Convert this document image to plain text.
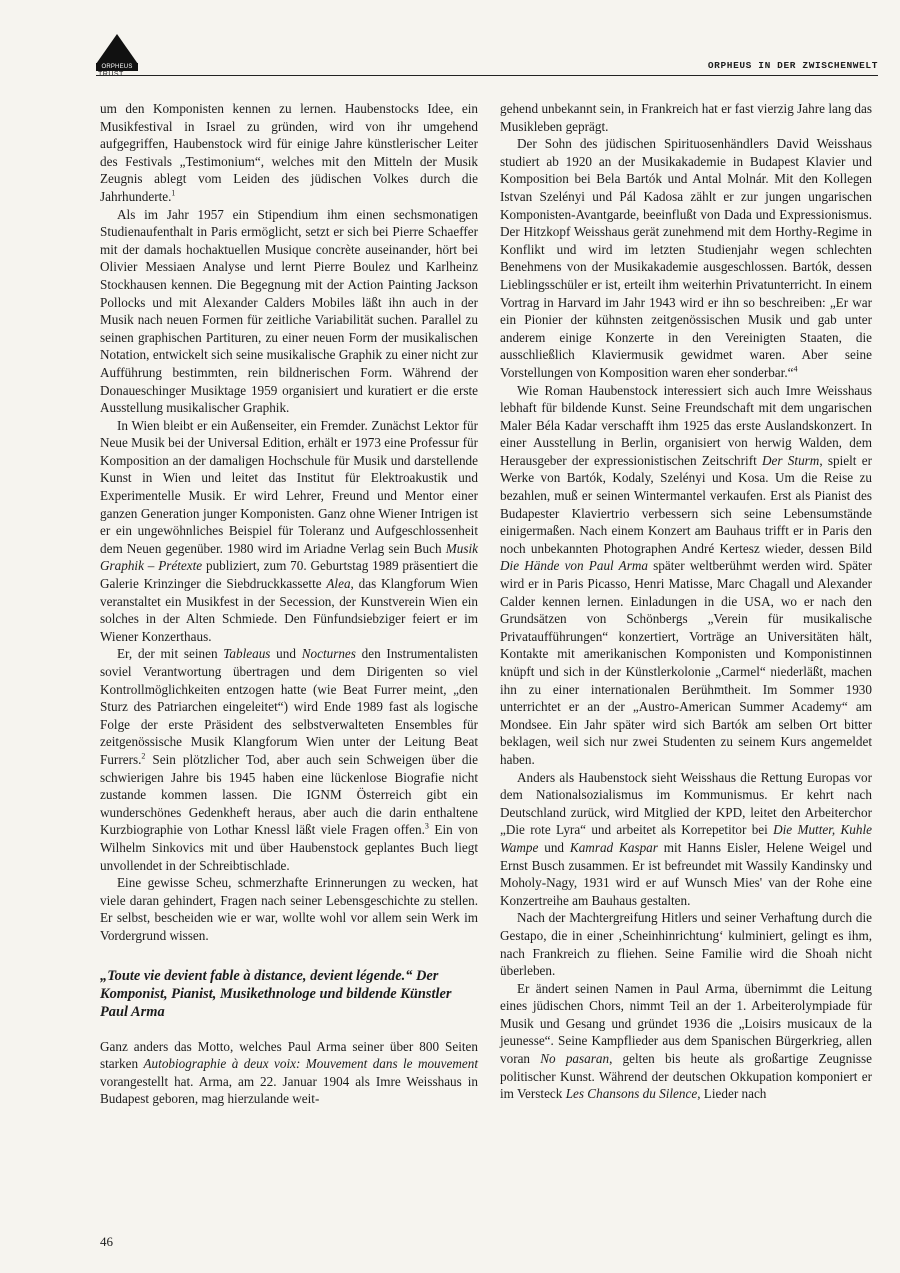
ORPHEUS	ORPHEUS IN DER ZWISCHENWELT

um den Komponisten kennen zu lernen. Haubenstocks Idee, ein Musikfestival in Israel zu gründen, wird von ihr umgehend aufgegriffen, Haubenstock wird für einige Jahre künstlerischer Leiter des Festivals „Testimonium“, welches mit den Mitteln der Musik Zeugnis ablegt vom Leiden des jüdischen Volkes durch die Jahrhunderte.$^1$

Als im Jahr 1957 ein Stipendium ihm einen sechsmonatigen Studienaufenthalt in Paris ermöglicht, setzt er sich bei Pierre Schaeffer mit der damals hochaktuellen Musique concrète auseinander, hört bei Olivier Messiaen Analyse und lernt Pierre Boulez und Karlheinz Stockhausen kennen. Die Begegnung mit der Action Painting Jackson Pollocks und mit Alexander Calders Mobiles läßt ihn auch in der Musik nach neuen Formen für zeitliche Variabilität suchen. Parallel zu seinen graphischen Partituren, zu einer neuen Form der musikalischen Notation, entwickelt sich seine musikalische Graphik zu einer nicht zur Aufführung bestimmten, rein bildnerischen Form. Während der Donaueschinger Musiktage 1959 organisiert und kuratiert er die erste Ausstellung musikalischer Graphik.

In Wien bleibt er ein Außenseiter, ein Fremder. Zunächst Lektor für Neue Musik bei der Universal Edition, erhält er 1973 eine Professur für Komposition an der damaligen Hochschule für Musik und darstellende Kunst in Wien und leitet das Institut für Elektroakustik und Experimentelle Musik. Er wird Lehrer, Freund und Mentor einer ganzen Generation junger Komponisten. Ganz ohne Wiener Intrigen ist er ein ungewöhnliches Beispiel für Toleranz und Aufgeschlossenheit dem Neuen gegenüber. 1980 wird im Ariadne Verlag sein Buch Musik Graphik – Prétexte publiziert, zum 70. Geburtstag 1989 präsentiert die Galerie Krinzinger die Siebdruckkassette Alea, das Klangforum Wien veranstaltet ein Musikfest in der Secession, der Kunstverein Wien ein solches in der Alten Schmiede. Den Fünfundsiebziger feiert er im Wiener Konzerthaus.

Er, der mit seinen Tableaus und Nocturnes den Instrumentalisten soviel Verantwortung übertragen und dem Dirigenten so viel Kontrollmöglichkeiten entzogen hatte (wie Beat Furrer meint, „den Sturz des Patriarchen eingeleitet“) wird Ende 1989 fast als logische Folge der erste Präsident des selbstverwalteten Ensembles für zeitgenössische Musik Klangforum Wien unter der Leitung Beat Furrers.$^2$ Sein plötzlicher Tod, aber auch sein Schweigen über die schwierigen Jahre bis 1945 haben eine lückenlose Biografie nicht zustande kommen lassen. Die IGNM Österreich gibt ein wunderschönes Gedenkheft heraus, aber auch die darin enthaltene Kurzbiographie von Lothar Knessl läßt viele Fragen offen.$^3$ Ein von Wilhelm Sinkovics mit und über Haubenstock geplantes Buch liegt unvollendet in der Schreibtischlade.

Eine gewisse Scheu, schmerzhafte Erinnerungen zu wecken, hat viele daran gehindert, Fragen nach seiner Lebensgeschichte zu stellen. Er selbst, bescheiden wie er war, wollte wohl vor allem sein Werk im Vordergrund wissen.

„Toute vie devient fable à distance, devient légende.“ Der Komponist, Pianist, Musikethnologe und bildende Künstler Paul Arma

Ganz anders das Motto, welches Paul Arma seiner über 800 Seiten starken Autobiographie à deux voix: Mouvement dans le mouvement vorangestellt hat. Arma, am 22. Januar 1904 als Imre Weisshaus in Budapest geboren, mag hierzulande weit-

gehend unbekannt sein, in Frankreich hat er fast vierzig Jahre lang das Musikleben geprägt.

Der Sohn des jüdischen Spirituosenhändlers David Weisshaus studiert ab 1920 an der Musikakademie in Budapest Klavier und Komposition bei Bela Bartók und Antal Molnár. Mit den Kollegen Istvan Szelényi und Pál Kadosa zählt er zur jungen ungarischen Komponisten-Avantgarde, beeinflußt von Dada und Expressionismus. Der Hitzkopf Weisshaus gerät zunehmend mit dem Horthy-Regime in Konflikt und wird im letzten Studienjahr wegen schlechten Benehmens von der Musikakademie ausgeschlossen. Bartók, dessen Lieblingsschüler er ist, erteilt ihm weiterhin Privatunterricht. In einem Vortrag in Harvard im Jahr 1943 wird er ihn so beschreiben: „Er war ein Pionier der kühnsten zeitgenössischen Musik und gab unter anderem einige Konzerte in den Vereinigten Staaten, die ausschließlich Klaviermusik gewidmet waren. Aber seine Vorstellungen von Komposition waren eher sonderbar.“$^4$

Wie Roman Haubenstock interessiert sich auch Imre Weisshaus lebhaft für bildende Kunst. Seine Freundschaft mit dem ungarischen Maler Béla Kadar verschafft ihm 1925 das erste Auslandskonzert. In einer Ausstellung in Berlin, organisiert von herwig Walden, dem Herausgeber der expressionistischen Zeitschrift Der Sturm, spielt er Werke von Bartók, Kodaly, Szelényi und Kosa. Um die Reise zu bezahlen, muß er seinen Wintermantel verkaufen. Erst als Pianist des Budapester Klaviertrio verbessern sich seine Lebensumstände einigermaßen. Nach einem Konzert am Bauhaus trifft er in Paris den noch unbekannten Photographen André Kertesz wieder, dessen Bild Die Hände von Paul Arma später weltberühmt werden wird. Später wird er in Paris Picasso, Henri Matisse, Marc Chagall und Alexander Calder kennen lernen. Einladungen in die USA, wo er nach den Grundsätzen von Schönbergs „Verein für musikalische Privataufführungen“ konzertiert, Vorträge an Universitäten hält, Kontakte mit amerikanischen Komponisten und Komponistinnen knüpft und sich in der Künstlerkolonie „Carmel“ niederläßt, machen ihn zu einer internationalen Berühmtheit. Im Sommer 1930 unterrichtet er an der „Austro-American Summer Academy“ am Mondsee. Ein Jahr später wird sich Bartók am selben Ort bitter beklagen, weil sich nur zwei Studenten zu seinem Kurs angemeldet haben.

Anders als Haubenstock sieht Weisshaus die Rettung Europas vor dem Nationalsozialismus im Kommunismus. Er kehrt nach Deutschland zurück, wird Mitglied der KPD, leitet den Arbeiterchor „Die rote Lyra“ und arbeitet als Korrepetitor bei Die Mutter, Kuhle Wampe und Kamrad Kaspar mit Hanns Eisler, Helene Weigel und Ernst Busch zusammen. Er ist befreundet mit Wassily Kandinsky und Moholy-Nagy, 1931 wird er auf Wunsch Mies' van der Rohe eine Konzertreihe am Bauhaus gestalten.

Nach der Machtergreifung Hitlers und seiner Verhaftung durch die Gestapo, die in einer ‚Scheinhinrichtung‘ kulminiert, gelingt es ihm, nach Frankreich zu fliehen. Seine Familie wird die Shoah nicht überleben.

Er ändert seinen Namen in Paul Arma, übernimmt die Leitung eines jüdischen Chors, nimmt Teil an der 1. Arbeiterolympiade für Musik und Gesang und gründet 1936 die „Loisirs musicaux de la jeunesse“. Seine Kampflieder aus dem Spanischen Bürgerkrieg, allen voran No pasaran, gelten bis heute als großartige Zeugnisse politischer Kunst. Während der deutschen Okkupation komponiert er im Versteck Les Chansons du Silence, Lieder nach

46
